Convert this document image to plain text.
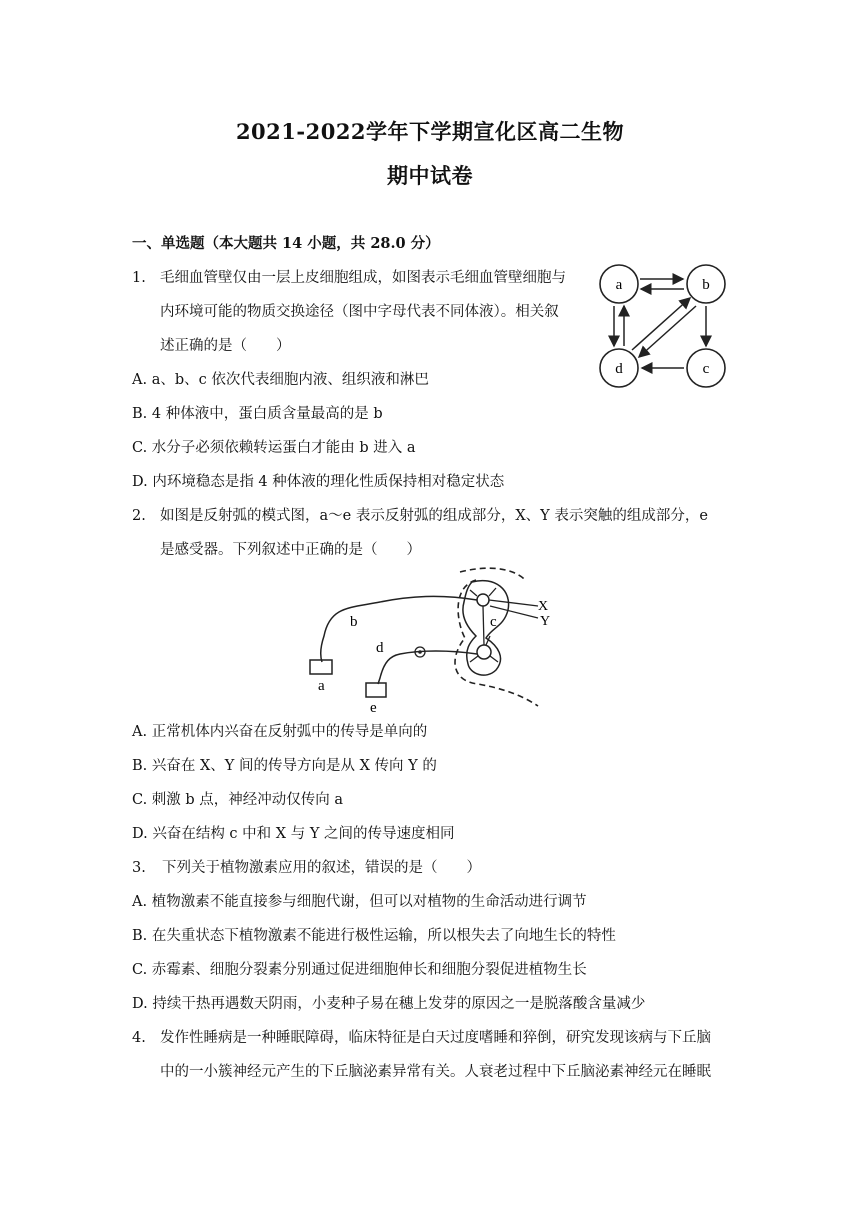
2021-2022学年下学期宣化区高二生物
期中试卷
一、单选题（本大题共 14 小题，共 28.0 分）
1. 毛细血管壁仅由一层上皮细胞组成，如图表示毛细血管壁细胞与
内环境可能的物质交换途径（图中字母代表不同体液）。相关叙
述正确的是（　　）
A. a、b、c 依次代表细胞内液、组织液和淋巴
B. 4 种体液中，蛋白质含量最高的是 b
C. 水分子必须依赖转运蛋白才能由 b 进入 a
D. 内环境稳态是指 4 种体液的理化性质保持相对稳定状态
a	b
c
d
2. 如图是反射弧的模式图，a～e 表示反射弧的组成部分，X、Y 表示突触的组成部分，e
是感受器。下列叙述中正确的是（　　）
a
b	c
d
e
X
Y
A. 正常机体内兴奋在反射弧中的传导是单向的
B. 兴奋在 X、Y 间的传导方向是从 X 传向 Y 的
C. 刺激 b 点，神经冲动仅传向 a
D. 兴奋在结构 c 中和 X 与 Y 之间的传导速度相同
3. 下列关于植物激素应用的叙述，错误的是（　　）
A. 植物激素不能直接参与细胞代谢，但可以对植物的生命活动进行调节
B. 在失重状态下植物激素不能进行极性运输，所以根失去了向地生长的特性
C. 赤霉素、细胞分裂素分别通过促进细胞伸长和细胞分裂促进植物生长
D. 持续干热再遇数天阴雨，小麦种子易在穗上发芽的原因之一是脱落酸含量减少
4. 发作性睡病是一种睡眠障碍，临床特征是白天过度嗜睡和猝倒，研究发现该病与下丘脑
中的一小簇神经元产生的下丘脑泌素异常有关。人衰老过程中下丘脑泌素神经元在睡眠
